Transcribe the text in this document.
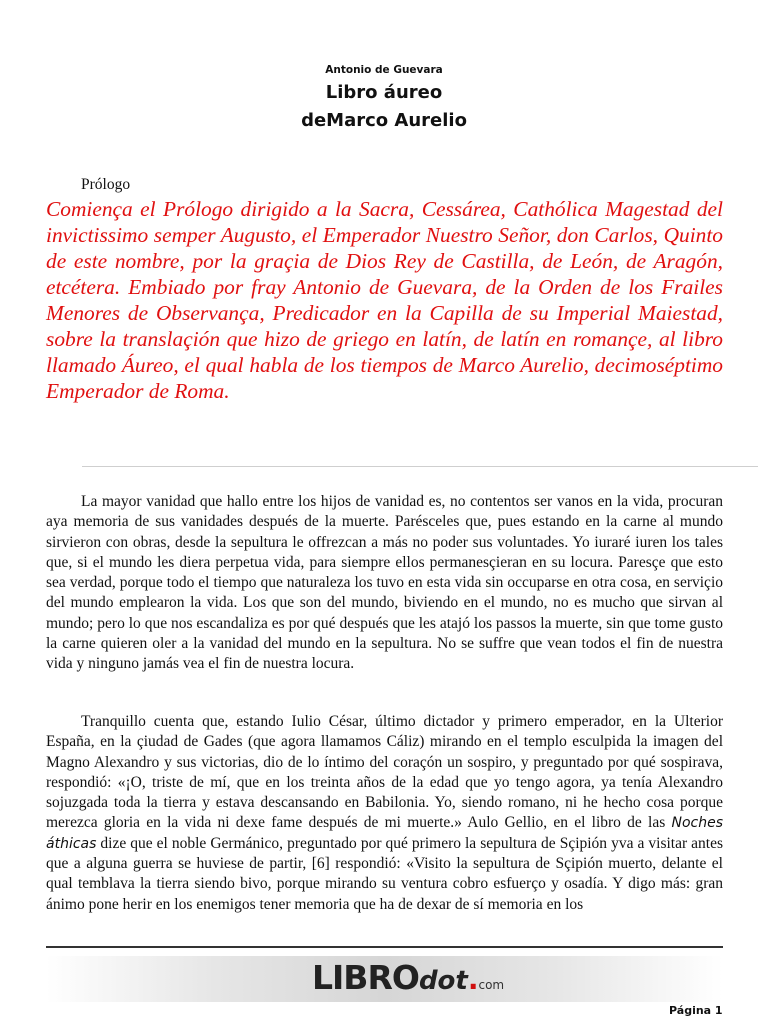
Antonio de Guevara
Libro áureo
deMarco Aurelio
Prólogo
Comiença el Prólogo dirigido a la Sacra, Cessárea, Cathólica Magestad del invictissimo semper Augusto, el Emperador Nuestro Señor, don Carlos, Quinto de este nombre, por la graçia de Dios Rey de Castilla, de León, de Aragón, etcétera. Embiado por fray Antonio de Guevara, de la Orden de los Frailes Menores de Observança, Predicador en la Capilla de su Imperial Maiestad, sobre la translaçión que hizo de griego en latín, de latín en romançe, al libro llamado Áureo, el qual habla de los tiempos de Marco Aurelio, decimoséptimo Emperador de Roma.
La mayor vanidad que hallo entre los hijos de vanidad es, no contentos ser vanos en la vida, procuran aya memoria de sus vanidades después de la muerte. Parésceles que, pues estando en la carne al mundo sirvieron con obras, desde la sepultura le offrezcan a más no poder sus voluntades. Yo iuraré iuren los tales que, si el mundo les diera perpetua vida, para siempre ellos permanesçieran en su locura. Paresçe que esto sea verdad, porque todo el tiempo que naturaleza los tuvo en esta vida sin occuparse en otra cosa, en serviçio del mundo emplearon la vida. Los que son del mundo, biviendo en el mundo, no es mucho que sirvan al mundo; pero lo que nos escandaliza es por qué después que les atajó los passos la muerte, sin que tome gusto la carne quieren oler a la vanidad del mundo en la sepultura. No se suffre que vean todos el fin de nuestra vida y ninguno jamás vea el fin de nuestra locura.
Tranquillo cuenta que, estando Iulio César, último dictador y primero emperador, en la Ulterior España, en la çiudad de Gades (que agora llamamos Cáliz) mirando en el templo esculpida la imagen del Magno Alexandro y sus victorias, dio de lo íntimo del coraçón un sospiro, y preguntado por qué sospirava, respondió: «¡O, triste de mí, que en los treinta años de la edad que yo tengo agora, ya tenía Alexandro sojuzgada toda la tierra y estava descansando en Babilonia. Yo, siendo romano, ni he hecho cosa porque merezca gloria en la vida ni dexe fame después de mi muerte.» Aulo Gellio, en el libro de las Noches áthicas dize que el noble Germánico, preguntado por qué primero la sepultura de Sçipión yva a visitar antes que a alguna guerra se huviese de partir, [6] respondió: «Visito la sepultura de Sçipión muerto, delante el qual temblava la tierra siendo bivo, porque mirando su ventura cobro esfuerço y osadía. Y digo más: gran ánimo pone herir en los enemigos tener memoria que ha de dexar de sí memoria en los
LIBROdot.com
Página 1
